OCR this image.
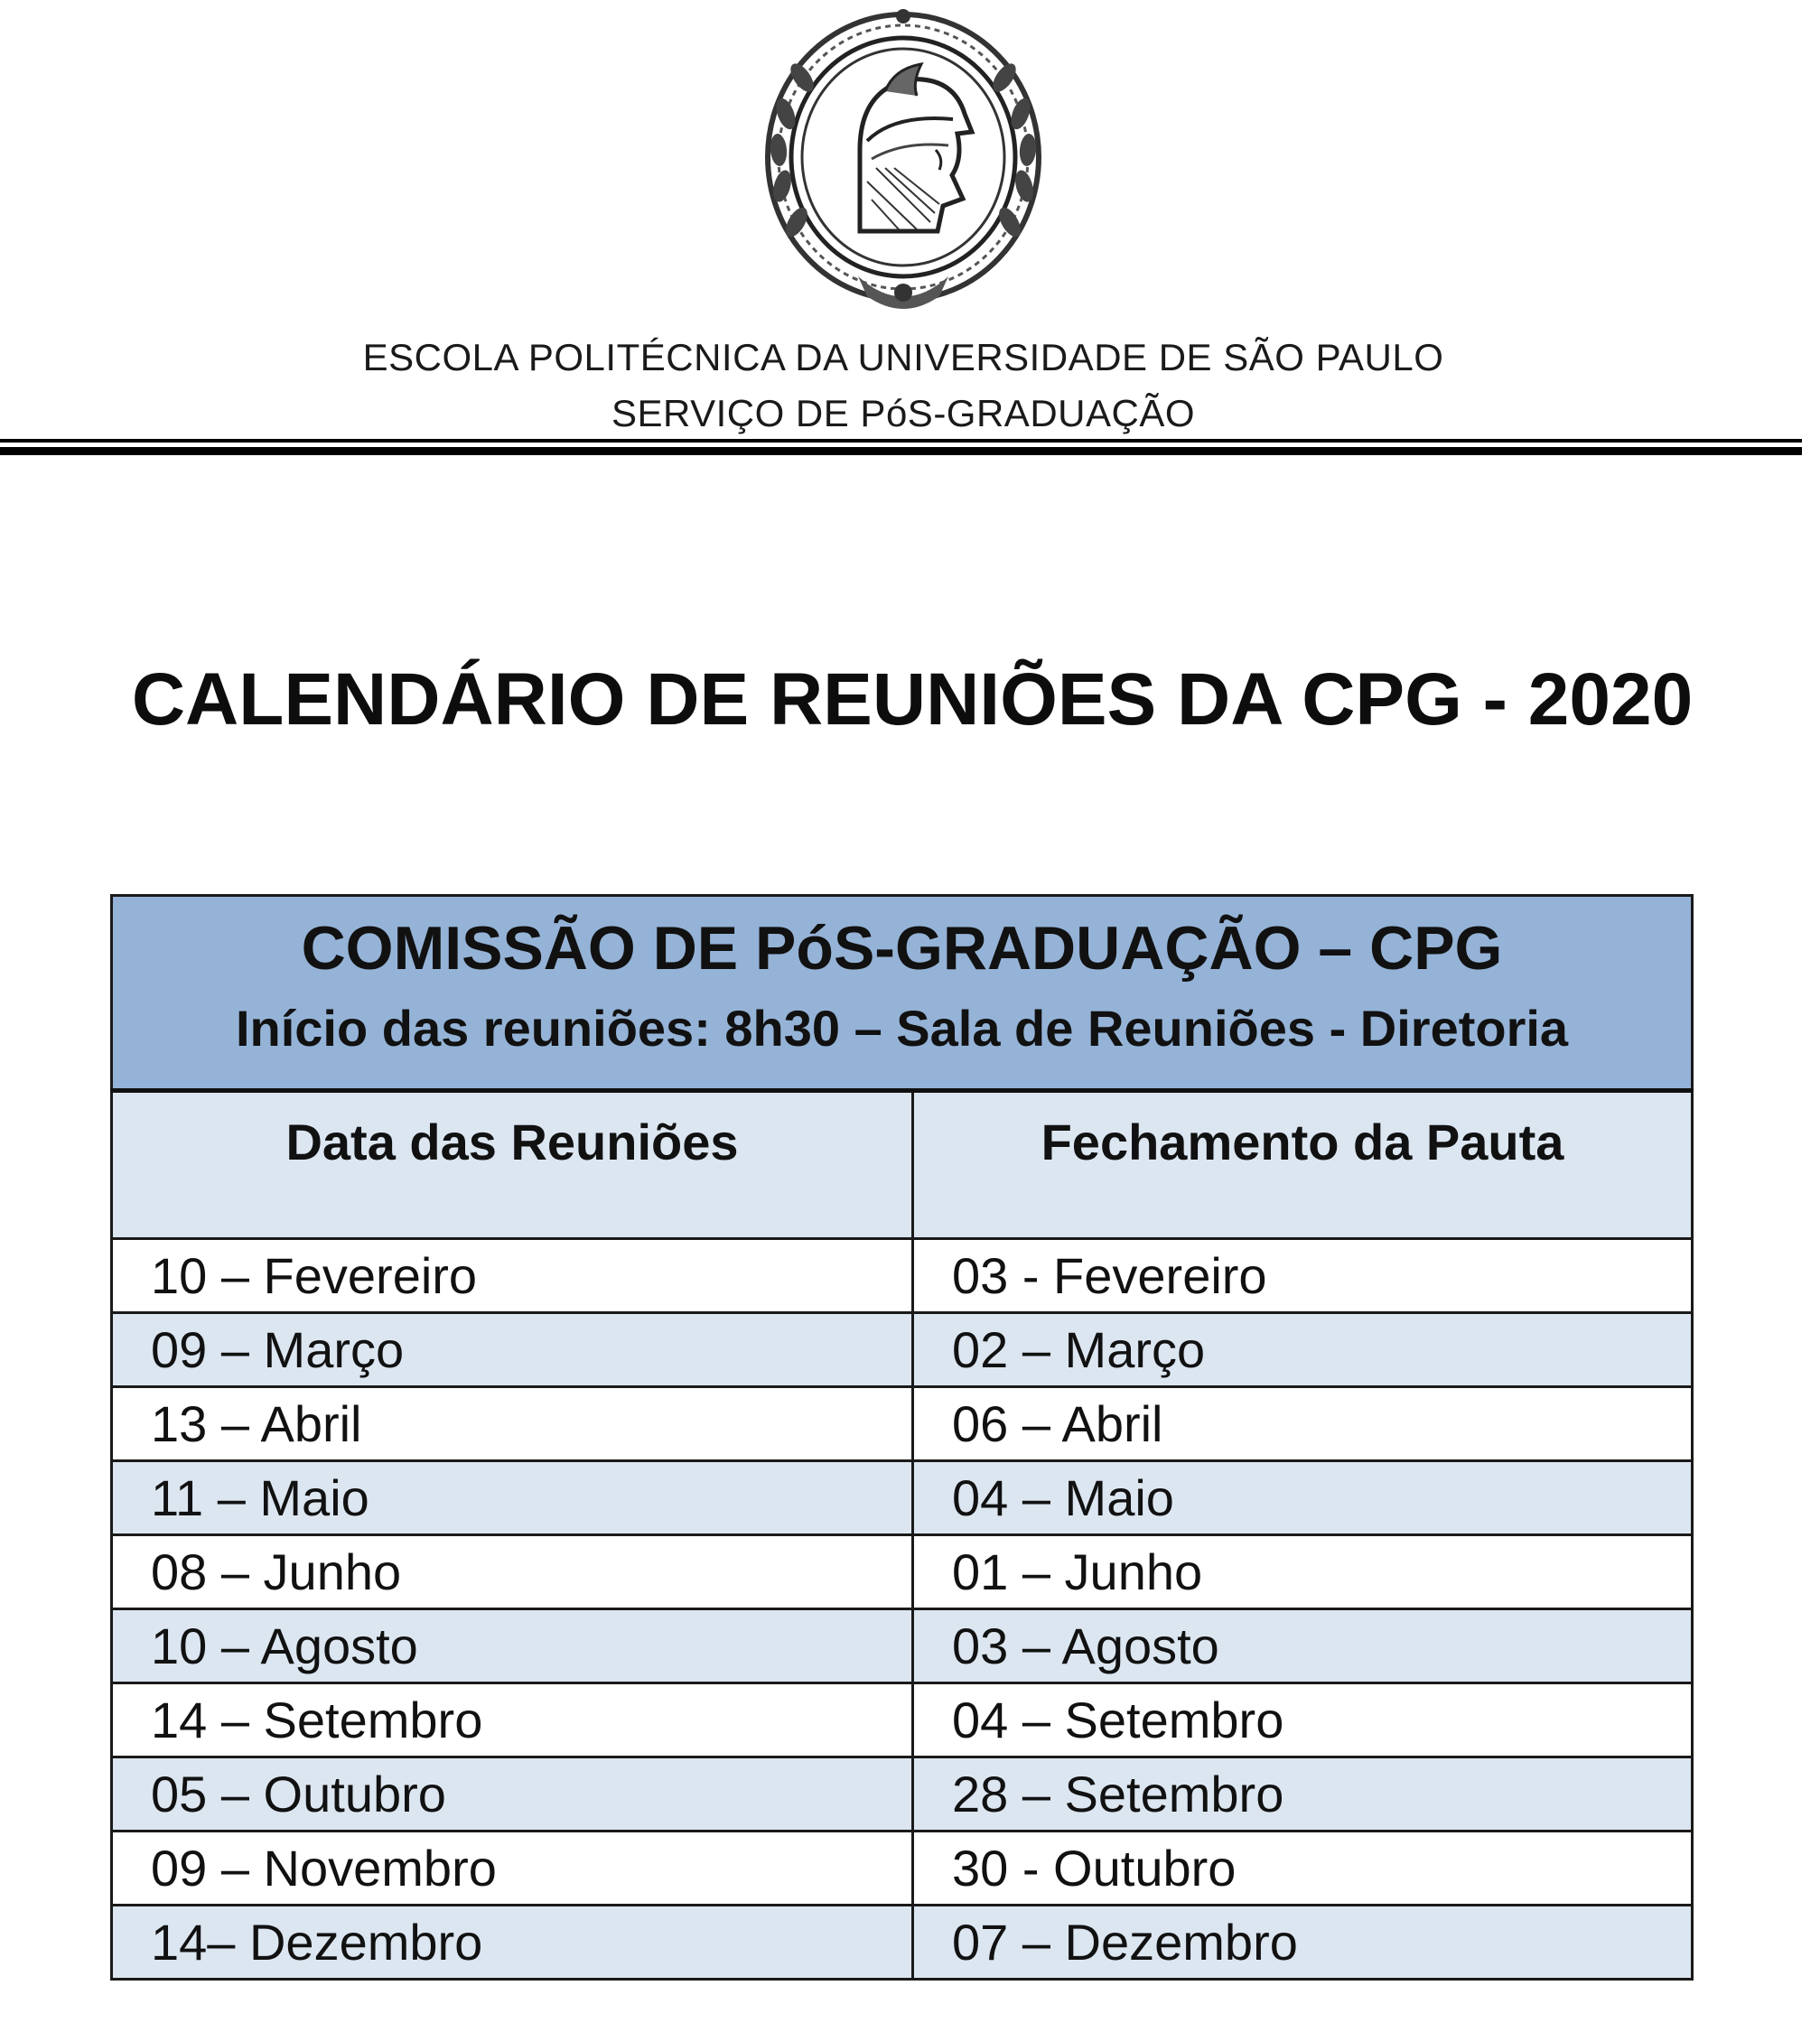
ESCOLA POLITÉCNICA DA UNIVERSIDADE DE SÃO PAULO
SERVIÇO DE PóS-GRADUAÇÃO
CALENDÁRIO DE REUNIÕES DA CPG - 2020
COMISSÃO DE PóS-GRADUAÇÃO – CPG
Início das reuniões: 8h30 – Sala de Reuniões - Diretoria	

Data das Reuniões	Fechamento da Pauta
10 – Fevereiro	03 - Fevereiro
09 – Março	02 – Março
13 – Abril	06 – Abril
11 – Maio	04 – Maio
08 – Junho	01 – Junho
10 – Agosto	03 – Agosto
14 – Setembro	04 – Setembro
05 – Outubro	28 – Setembro
09 – Novembro	30 - Outubro
14– Dezembro	07 – Dezembro
